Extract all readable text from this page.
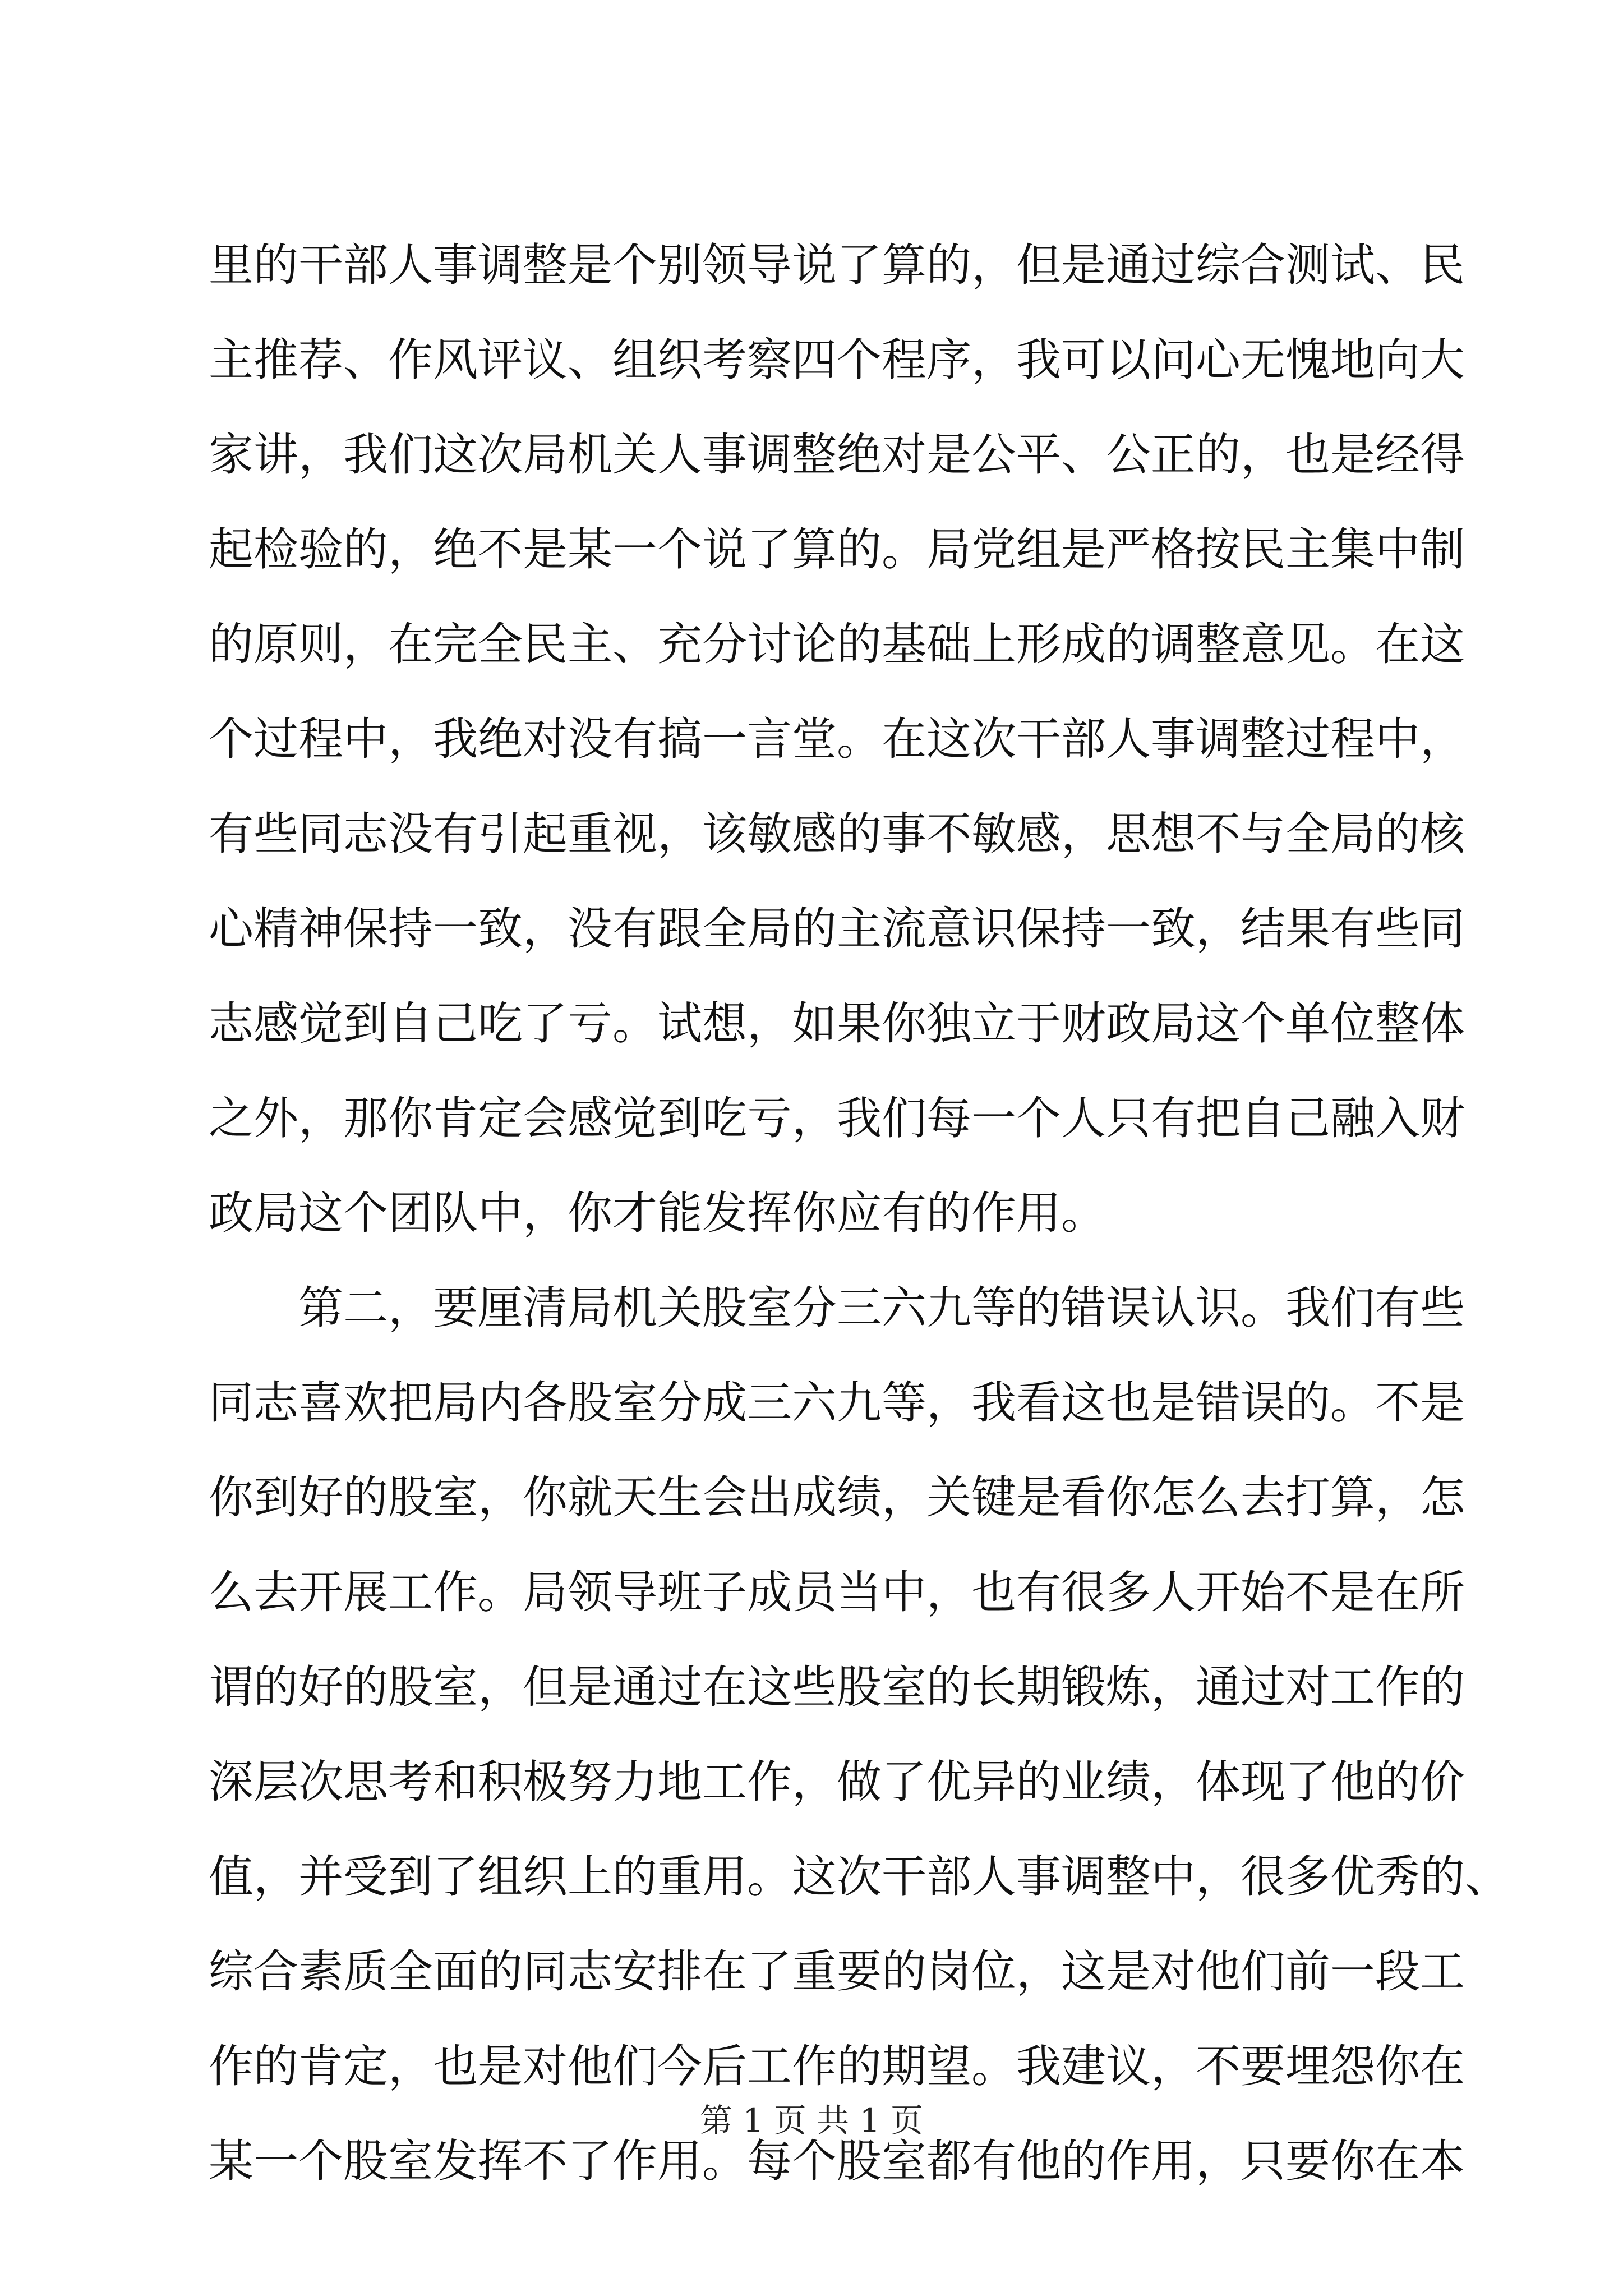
里的干部人事调整是个别领导说了算的，但是通过综合测试、民
主推荐、作风评议、组织考察四个程序，我可以问心无愧地向大
家讲，我们这次局机关人事调整绝对是公平、公正的，也是经得
起检验的，绝不是某一个说了算的。局党组是严格按民主集中制
的原则，在完全民主、充分讨论的基础上形成的调整意见。在这
个过程中，我绝对没有搞一言堂。在这次干部人事调整过程中，
有些同志没有引起重视，该敏感的事不敏感，思想不与全局的核
心精神保持一致，没有跟全局的主流意识保持一致，结果有些同
志感觉到自己吃了亏。试想，如果你独立于财政局这个单位整体
之外，那你肯定会感觉到吃亏，我们每一个人只有把自己融入财
政局这个团队中，你才能发挥你应有的作用。
第二，要厘清局机关股室分三六九等的错误认识。我们有些
同志喜欢把局内各股室分成三六九等，我看这也是错误的。不是
你到好的股室，你就天生会出成绩，关键是看你怎么去打算，怎
么去开展工作。局领导班子成员当中，也有很多人开始不是在所
谓的好的股室，但是通过在这些股室的长期锻炼，通过对工作的
深层次思考和积极努力地工作，做了优异的业绩，体现了他的价
值，并受到了组织上的重用。这次干部人事调整中，很多优秀的、
综合素质全面的同志安排在了重要的岗位，这是对他们前一段工
作的肯定，也是对他们今后工作的期望。我建议，不要埋怨你在
某一个股室发挥不了作用。每个股室都有他的作用，只要你在本
第 1 页 共 1 页
